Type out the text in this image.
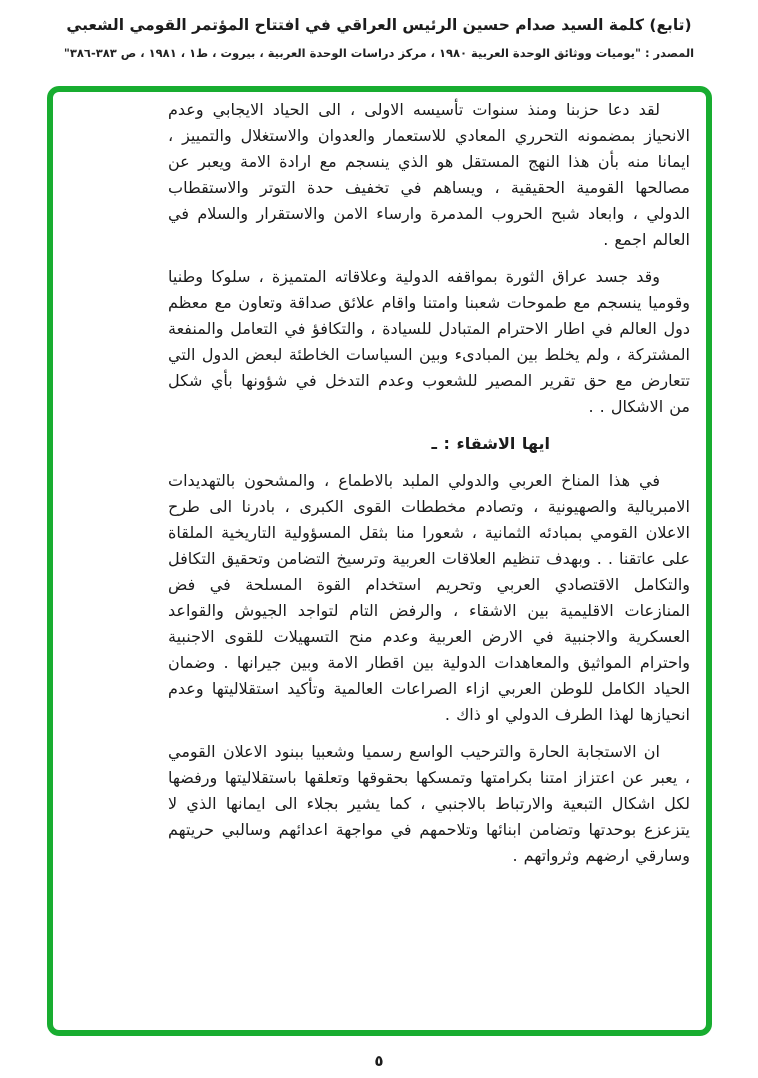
(تابع) كلمة السيد صدام حسين الرئيس العراقي في افتتاح المؤتمر القومي الشعبي
المصدر : "يوميات ووثائق الوحدة العربية ١٩٨٠ ، مركز دراسات الوحدة العربية ، بيروت ، ط١ ، ١٩٨١ ، ص ٣٨٣-٣٨٦"

لقد دعا حزبنا ومنذ سنوات تأسيسه الاولى ، الى الحياد الايجابي وعدم الانحياز بمضمونه التحرري المعادي للاستعمار والعدوان والاستغلال والتمييز ، ايمانا منه بأن هذا النهج المستقل هو الذي ينسجم مع ارادة الامة ويعبر عن مصالحها القومية الحقيقية ، ويساهم في تخفيف حدة التوتر والاستقطاب الدولي ، وابعاد شبح الحروب المدمرة وارساء الامن والاستقرار والسلام في العالم اجمع .

وقد جسد عراق الثورة بمواقفه الدولية وعلاقاته المتميزة ، سلوكا وطنيا وقوميا ينسجم مع طموحات شعبنا وامتنا واقام علائق صداقة وتعاون مع معظم دول العالم في اطار الاحترام المتبادل للسيادة ، والتكافؤ في التعامل والمنفعة المشتركة ، ولم يخلط بين المبادىء وبين السياسات الخاطئة لبعض الدول التي تتعارض مع حق تقرير المصير للشعوب وعدم التدخل في شؤونها بأي شكل من الاشكال . .

ايها الاشقاء : ـ

في هذا المناخ العربي والدولي الملبد بالاطماع ، والمشحون بالتهديدات الامبريالية والصهيونية ، وتصادم مخططات القوى الكبرى ، بادرنا الى طرح الاعلان القومي بمبادئه الثمانية ، شعورا منا بثقل المسؤولية التاريخية الملقاة على عاتقنا . . وبهدف تنظيم العلاقات العربية وترسيخ التضامن وتحقيق التكافل والتكامل الاقتصادي العربي وتحريم استخدام القوة المسلحة في فض المنازعات الاقليمية بين الاشقاء ، والرفض التام لتواجد الجيوش والقواعد العسكرية والاجنبية في الارض العربية وعدم منح التسهيلات للقوى الاجنبية واحترام المواثيق والمعاهدات الدولية بين اقطار الامة وبين جيرانها . وضمان الحياد الكامل للوطن العربي ازاء الصراعات العالمية وتأكيد استقلاليتها وعدم انحيازها لهذا الطرف الدولي او ذاك .

ان الاستجابة الحارة والترحيب الواسع رسميا وشعبيا ببنود الاعلان القومي ، يعبر عن اعتزاز امتنا بكرامتها وتمسكها بحقوقها وتعلقها باستقلاليتها ورفضها لكل اشكال التبعية والارتباط بالاجنبي ، كما يشير بجلاء الى ايمانها الذي لا يتزعزع بوحدتها وتضامن ابنائها وتلاحمهم في مواجهة اعدائهم وسالبي حريتهم وسارقي ارضهم وثرواتهم .

٥
